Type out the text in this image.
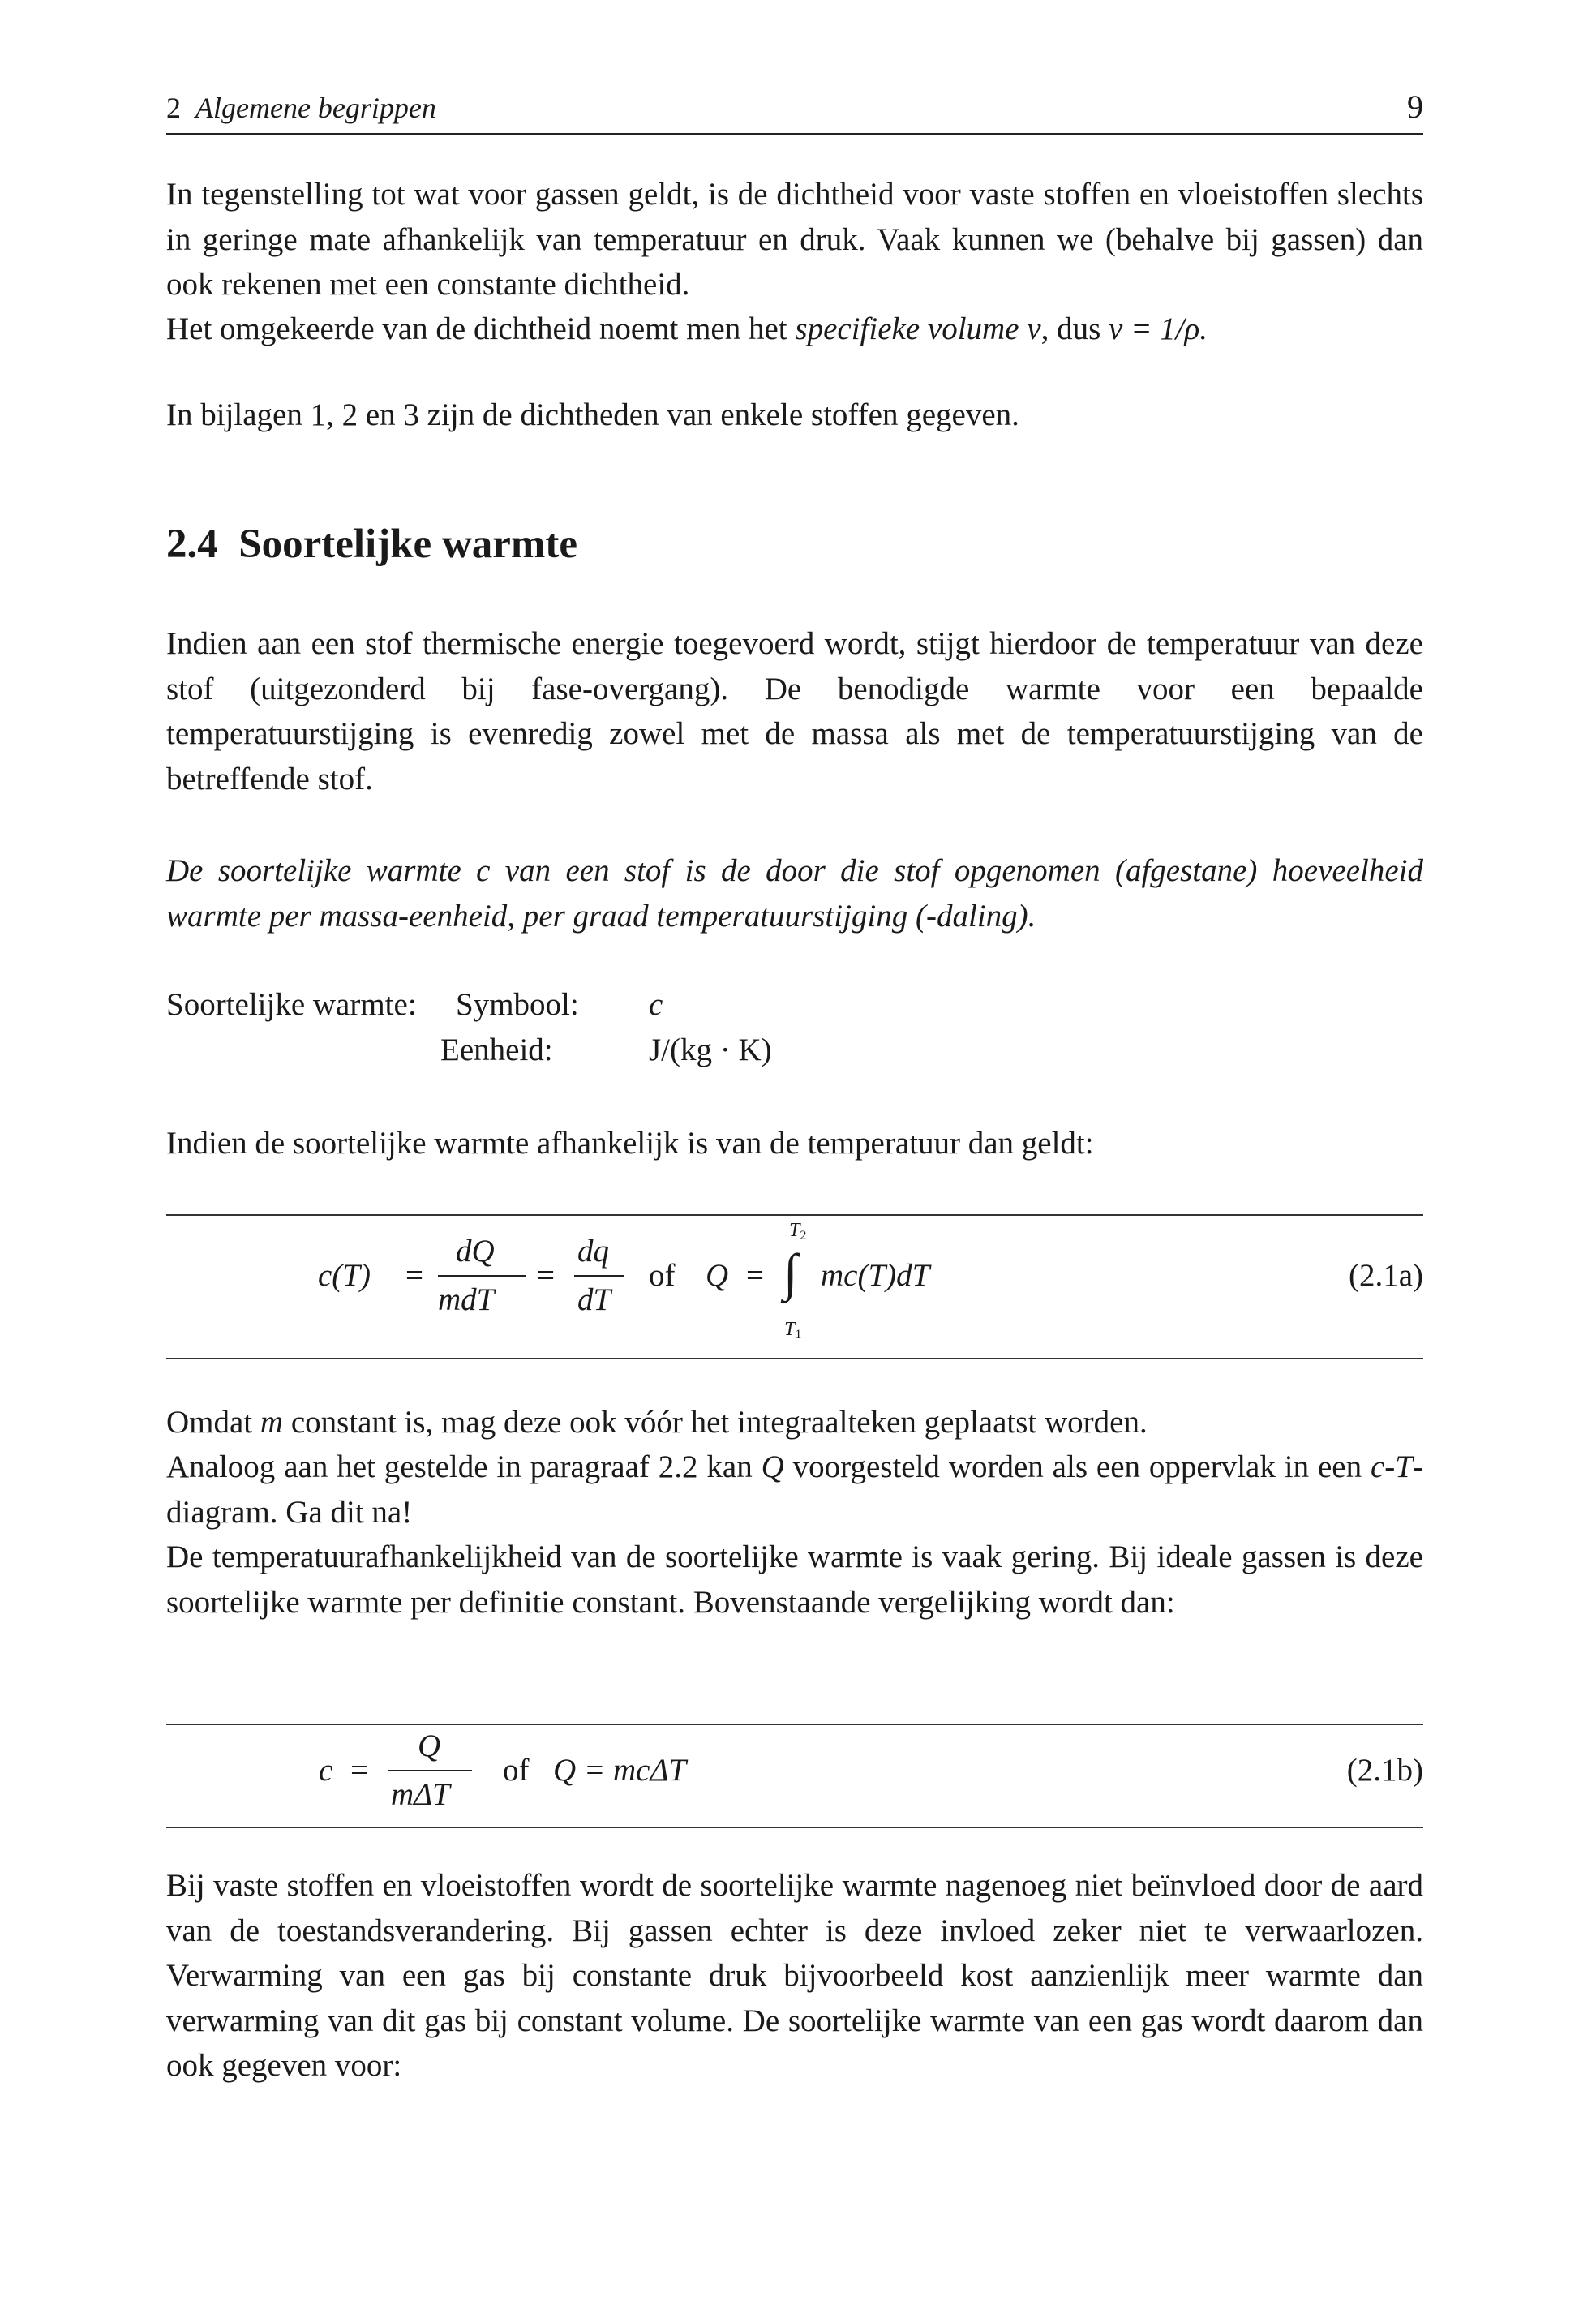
2 Algemene begrippen	9

In tegenstelling tot wat voor gassen geldt, is de dichtheid voor vaste stoffen en vloeistoffen slechts in geringe mate afhankelijk van temperatuur en druk. Vaak kunnen we (behalve bij gassen) dan ook rekenen met een constante dichtheid.

Het omgekeerde van de dichtheid noemt men het specifieke volume v, dus v = 1/ρ.

In bijlagen 1, 2 en 3 zijn de dichtheden van enkele stoffen gegeven.

2.4 Soortelijke warmte

Indien aan een stof thermische energie toegevoerd wordt, stijgt hierdoor de temperatuur van deze stof (uitgezonderd bij fase-overgang). De benodigde warmte voor een bepaalde temperatuurstijging is evenredig zowel met de massa als met de temperatuurstijging van de betreffende stof.

De soortelijke warmte c van een stof is de door die stof opgenomen (afgestane) hoeveelheid warmte per massa-eenheid, per graad temperatuurstijging (-daling).

Soortelijke warmte: Symbool: c
Eenheid:	J/(kg · K)

Indien de soortelijke warmte afhankelijk is van de temperatuur dan geldt:

c(T) =
dQ
mdT
=
dq
dT
of Q =
T2
∫
T1
mc(T)dT	(2.1a)

Omdat m constant is, mag deze ook vóór het integraalteken geplaatst worden.

Analoog aan het gestelde in paragraaf 2.2 kan Q voorgesteld worden als een oppervlak in een c-T-diagram. Ga dit na!

De temperatuurafhankelijkheid van de soortelijke warmte is vaak gering. Bij ideale gassen is deze soortelijke warmte per definitie constant. Bovenstaande vergelijking wordt dan:

c =
Q
mΔT
of Q = mcΔT	(2.1b)

Bij vaste stoffen en vloeistoffen wordt de soortelijke warmte nagenoeg niet beïnvloed door de aard van de toestandsverandering. Bij gassen echter is deze invloed zeker niet te verwaarlozen. Verwarming van een gas bij constante druk bijvoorbeeld kost aanzienlijk meer warmte dan verwarming van dit gas bij constant volume. De soortelijke warmte van een gas wordt daarom dan ook gegeven voor:
